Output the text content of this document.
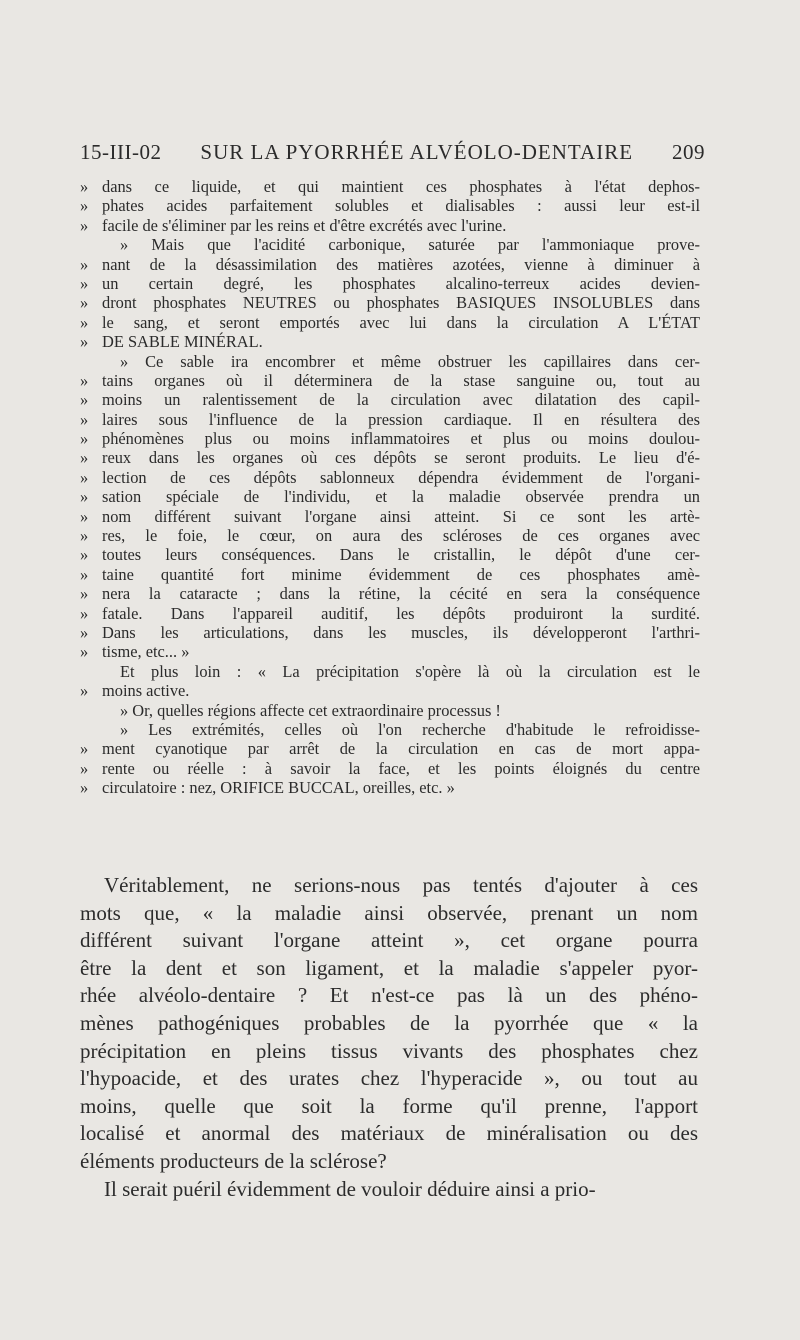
15-III-02 SUR LA PYORRHÉE ALVÉOLO-DENTAIRE 209
» dans ce liquide, et qui maintient ces phosphates à l'état dephos-
» phates acides parfaitement solubles et dialisables : aussi leur est-il
» facile de s'éliminer par les reins et d'être excrétés avec l'urine.
» Mais que l'acidité carbonique, saturée par l'ammoniaque prove-
» nant de la désassimilation des matières azotées, vienne à diminuer à
» un certain degré, les phosphates alcalino-terreux acides devien-
» dront phosphates NEUTRES ou phosphates BASIQUES INSOLUBLES dans
» le sang, et seront emportés avec lui dans la circulation A L'ÉTAT
» DE SABLE MINÉRAL.
» Ce sable ira encombrer et même obstruer les capillaires dans cer-
» tains organes où il déterminera de la stase sanguine ou, tout au
» moins un ralentissement de la circulation avec dilatation des capil-
» laires sous l'influence de la pression cardiaque. Il en résultera des
» phénomènes plus ou moins inflammatoires et plus ou moins doulou-
» reux dans les organes où ces dépôts se seront produits. Le lieu d'é-
» lection de ces dépôts sablonneux dépendra évidemment de l'organi-
» sation spéciale de l'individu, et la maladie observée prendra un
» nom différent suivant l'organe ainsi atteint. Si ce sont les artè-
» res, le foie, le cœur, on aura des scléroses de ces organes avec
» toutes leurs conséquences. Dans le cristallin, le dépôt d'une cer-
» taine quantité fort minime évidemment de ces phosphates amè-
» nera la cataracte ; dans la rétine, la cécité en sera la conséquence
» fatale. Dans l'appareil auditif, les dépôts produiront la surdité.
» Dans les articulations, dans les muscles, ils développeront l'arthri-
» tisme, etc... »
Et plus loin : « La précipitation s'opère là où la circulation est le
» moins active.
» Or, quelles régions affecte cet extraordinaire processus !
» Les extrémités, celles où l'on recherche d'habitude le refroidisse-
» ment cyanotique par arrêt de la circulation en cas de mort appa-
» rente ou réelle : à savoir la face, et les points éloignés du centre
» circulatoire : nez, ORIFICE BUCCAL, oreilles, etc. »
Véritablement, ne serions-nous pas tentés d'ajouter à ces
mots que, « la maladie ainsi observée, prenant un nom
différent suivant l'organe atteint », cet organe pourra
être la dent et son ligament, et la maladie s'appeler pyor-
rhée alvéolo-dentaire ? Et n'est-ce pas là un des phéno-
mènes pathogéniques probables de la pyorrhée que « la
précipitation en pleins tissus vivants des phosphates chez
l'hypoacide, et des urates chez l'hyperacide », ou tout au
moins, quelle que soit la forme qu'il prenne, l'apport
localisé et anormal des matériaux de minéralisation ou des
éléments producteurs de la sclérose?
Il serait puéril évidemment de vouloir déduire ainsi a prio-
